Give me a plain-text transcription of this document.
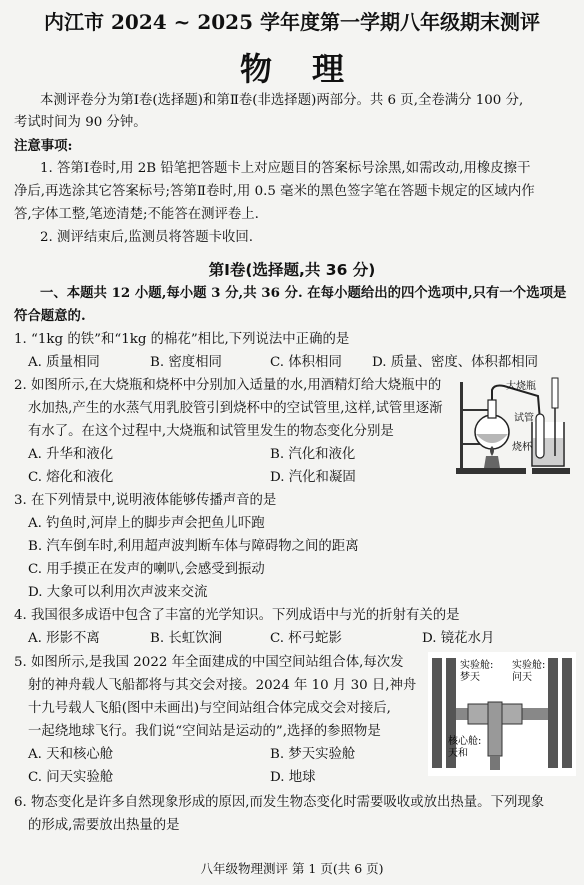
内江市 2024 ~ 2025 学年度第一学期八年级期末测评
物理
本测评卷分为第Ⅰ卷(选择题)和第Ⅱ卷(非选择题)两部分。共 6 页,全卷满分 100 分,
考试时间为 90 分钟。
注意事项:
1. 答第Ⅰ卷时,用 2B 铅笔把答题卡上对应题目的答案标号涂黑,如需改动,用橡皮擦干
净后,再选涂其它答案标号;答第Ⅱ卷时,用 0.5 毫米的黑色签字笔在答题卡规定的区域内作
答,字体工整,笔迹清楚;不能答在测评卷上.
2. 测评结束后,监测员将答题卡收回.
第Ⅰ卷(选择题,共 36 分)
一、本题共 12 小题,每小题 3 分,共 36 分. 在每小题给出的四个选项中,只有一个选项是
符合题意的.
1. “1kg 的铁”和“1kg 的棉花”相比,下列说法中正确的是
A. 质量相同	B. 密度相同	C. 体积相同 D. 质量、密度、体积都相同
2. 如图所示,在大烧瓶和烧杯中分别加入适量的水,用酒精灯给大烧瓶中的
水加热,产生的水蒸气用乳胶管引到烧杯中的空试管里,这样,试管里逐渐
有水了。在这个过程中,大烧瓶和试管里发生的物态变化分别是
A. 升华和液化	B. 汽化和液化
C. 熔化和液化	D. 汽化和凝固
大烧瓶
试管
烧杯
3. 在下列情景中,说明液体能够传播声音的是
A. 钓鱼时,河岸上的脚步声会把鱼儿吓跑
B. 汽车倒车时,利用超声波判断车体与障碍物之间的距离
C. 用手摸正在发声的喇叭,会感受到振动
D. 大象可以利用次声波来交流
4. 我国很多成语中包含了丰富的光学知识。下列成语中与光的折射有关的是
A. 形影不离	B. 长虹饮涧	C. 杯弓蛇影	D. 镜花水月
5. 如图所示,是我国 2022 年全面建成的中国空间站组合体,每次发
射的神舟载人飞船都将与其交会对接。2024 年 10 月 30 日,神舟
十九号载人飞船(图中未画出)与空间站组合体完成交会对接后,
一起绕地球飞行。我们说“空间站是运动的”,选择的参照物是
A. 天和核心舱	B. 梦天实验舱
C. 问天实验舱	D. 地球
实验舱:
梦天
实验舱:
问天
核心舱:
天和
6. 物态变化是许多自然现象形成的原因,而发生物态变化时需要吸收或放出热量。下列现象
的形成,需要放出热量的是
八年级物理测评 第 1 页(共 6 页)
